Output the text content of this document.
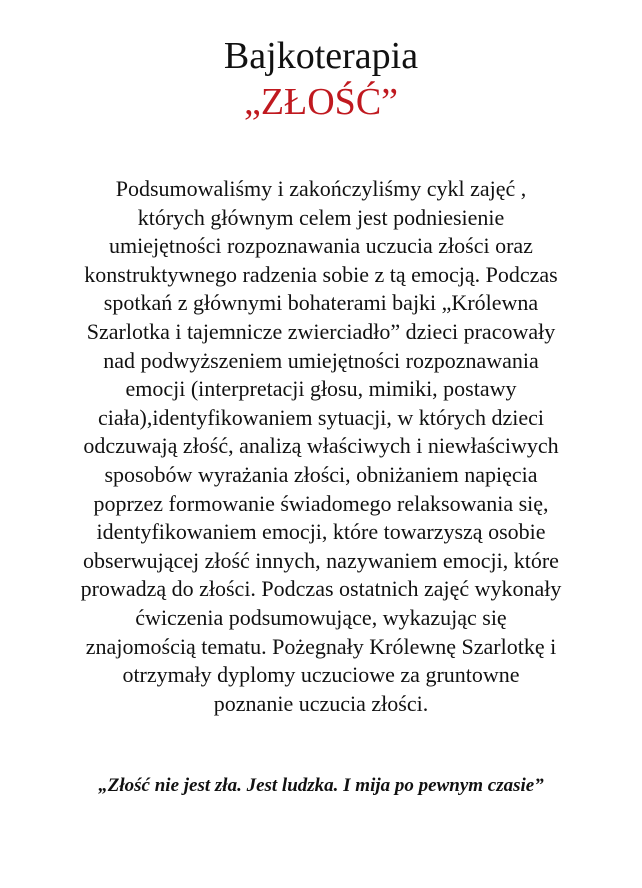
Bajkoterapia
„ZŁOŚĆ”
Podsumowaliśmy i zakończyliśmy cykl zajęć ,
których głównym celem jest podniesienie
umiejętności rozpoznawania uczucia złości oraz
konstruktywnego radzenia sobie z tą emocją. Podczas
spotkań z głównymi bohaterami bajki „Królewna
Szarlotka i tajemnicze zwierciadło” dzieci pracowały
nad podwyższeniem umiejętności rozpoznawania
emocji (interpretacji głosu, mimiki, postawy
ciała),identyfikowaniem sytuacji, w których dzieci
odczuwają złość, analizą właściwych i niewłaściwych
sposobów wyrażania złości, obniżaniem napięcia
poprzez formowanie świadomego relaksowania się,
identyfikowaniem emocji, które towarzyszą osobie
obserwującej złość innych, nazywaniem emocji, które
prowadzą do złości. Podczas ostatnich zajęć wykonały
ćwiczenia podsumowujące, wykazując się
znajomością tematu. Pożegnały Królewnę Szarlotkę i
otrzymały dyplomy uczuciowe za gruntowne
poznanie uczucia złości.
„Złość nie jest zła. Jest ludzka. I mija po pewnym czasie”
